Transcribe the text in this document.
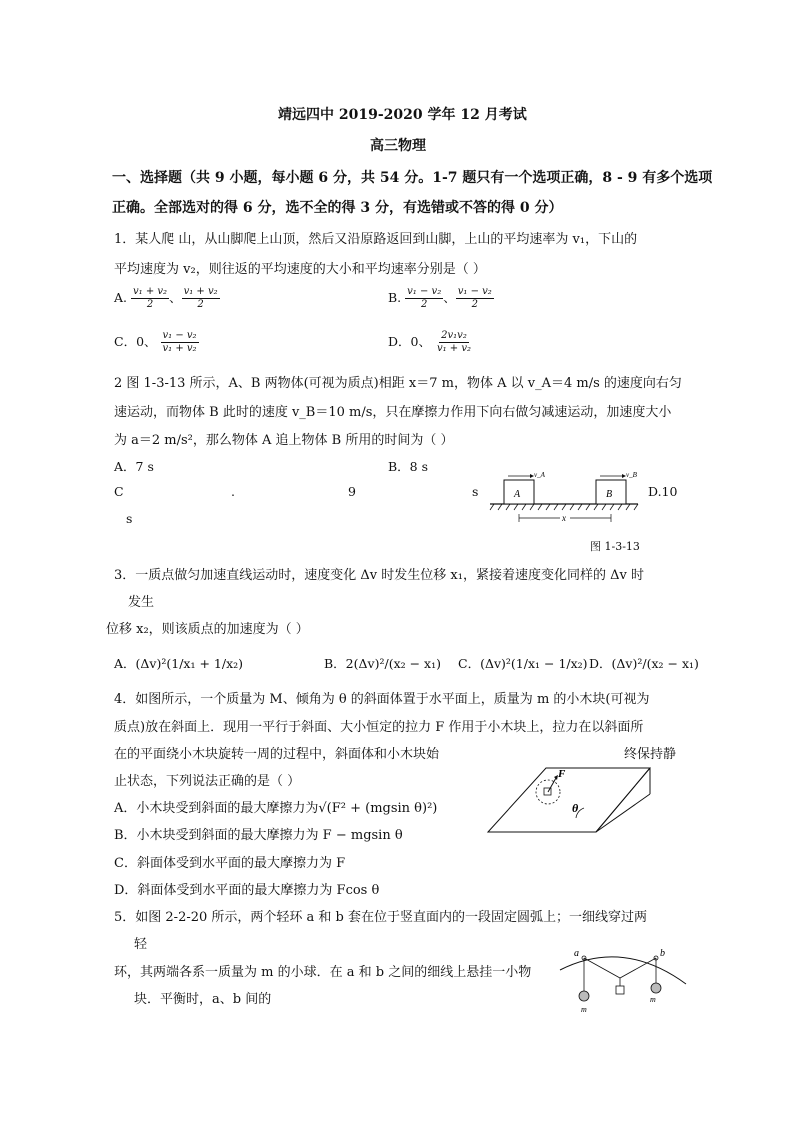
靖远四中 2019-2020 学年 12 月考试
高三物理
一、选择题（共 9 小题，每小题 6 分，共 54 分。1-7 题只有一个选项正确，8 - 9 有多个选项
正确。全部选对的得 6 分，选不全的得 3 分，有选错或不答的得 0 分）
1．某人爬 山，从山脚爬上山顶，然后又沿原路返回到山脚，上山的平均速率为 v₁，下山的
平均速度为 v₂，则往返的平均速度的大小和平均速率分别是（ ）
A. $\frac{\text{v₁ + v₂}}{2}$ 、 $\frac{\text{v₁ + v₂}}{2}$	B. $\frac{\text{v₁ − v₂}}{2}$ 、 $\frac{\text{v₁ − v₂}}{2}$
C．0、 $\frac{\text{v₁ − v₂}}{\text{v₁ + v₂}}$	D．0、 $\frac{\text{2v₁v₂}}{\text{v₁ + v₂}}$
2 图 1-3-13 所示，A、B 两物体(可视为质点)相距 x＝7 m，物体 A 以 v_A＝4 m/s 的速度向右匀
速运动，而物体 B 此时的速度 v_B＝10 m/s，只在摩擦力作用下向右做匀减速运动，加速度大小
为 a＝2 m/s²，那么物体 A 追上物体 B 所用的时间为（ ）
A．7 s	B．8 s
C	.	9	s	D.10
s
A	B
v_A	v_B
x
图 1-3-13
3．一质点做匀加速直线运动时，速度变化 Δv 时发生位移 x₁，紧接着速度变化同样的 Δv 时
发生
位移 x₂，则该质点的加速度为（ ）
A．(Δv)²(1/x₁ + 1/x₂)	B．2(Δv)²/(x₂ − x₁) C．(Δv)²(1/x₁ − 1/x₂) D．(Δv)²/(x₂ − x₁)
4．如图所示，一个质量为 M、倾角为 θ 的斜面体置于水平面上，质量为 m 的小木块(可视为
质点)放在斜面上．现用一平行于斜面、大小恒定的拉力 F 作用于小木块上，拉力在以斜面所
在的平面绕小木块旋转一周的过程中，斜面体和小木块始	终保持静
止状态，下列说法正确的是（ ）
A．小木块受到斜面的最大摩擦力为√(F² + (mgsin θ)²)
B．小木块受到斜面的最大摩擦力为 F − mgsin θ
C．斜面体受到水平面的最大摩擦力为 F
D．斜面体受到水平面的最大摩擦力为 Fcos θ
θ
F
5．如图 2-2-20 所示，两个轻环 a 和 b 套在位于竖直面内的一段固定圆弧上；一细线穿过两
轻
环，其两端各系一质量为 m 的小球．在 a 和 b 之间的细线上悬挂一小物
块．平衡时，a、b 间的
a	b
m
m
